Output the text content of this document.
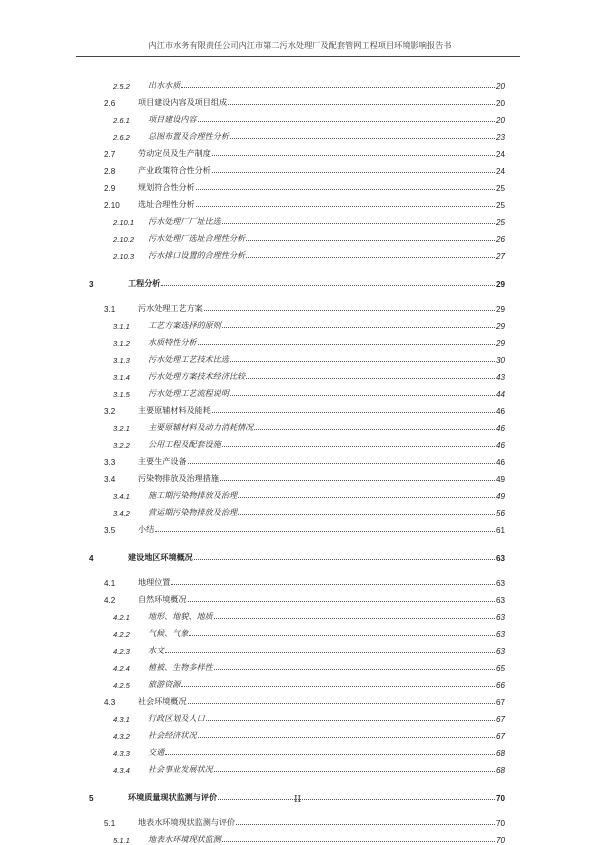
内江市水务有限责任公司内江市第二污水处理厂及配套管网工程项目环境影响报告书
2.5.2	出水水质	20
2.6	项目建设内容及项目组成	20
2.6.1	项目建设内容	20
2.6.2	总图布置及合理性分析	23
2.7	劳动定员及生产制度	24
2.8	产业政策符合性分析	24
2.9	规划符合性分析	25
2.10	选址合理性分析	25
2.10.1	污水处理厂厂址比选	25
2.10.2	污水处理厂选址合理性分析	26
2.10.3	污水排口设置的合理性分析	27
3	工程分析	29
3.1	污水处理工艺方案	29
3.1.1	工艺方案选择的原则	29
3.1.2	水质特性分析	29
3.1.3	污水处理工艺技术比选	30
3.1.4	污水处理方案技术经济比较	43
3.1.5	污水处理工艺流程说明	44
3.2	主要原辅材料及能耗	46
3.2.1	主要原辅材料及动力消耗情况	46
3.2.2	公用工程及配套设施	46
3.3	主要生产设备	46
3.4	污染物排放及治理措施	49
3.4.1	施工期污染物排放及治理	49
3.4.2	营运期污染物排放及治理	56
3.5	小结	61
4	建设地区环境概况	63
4.1	地理位置	63
4.2	自然环境概况	63
4.2.1	地形、地貌、地质	63
4.2.2	气候、气象	63
4.2.3	水文	63
4.2.4	植被、生物多样性	65
4.2.5	旅游资源	66
4.3	社会环境概况	67
4.3.1	行政区划及人口	67
4.3.2	社会经济状况	67
4.3.3	交通	68
4.3.4	社会事业发展状况	68
5	环境质量现状监测与评价	70
5.1	地表水环境现状监测与评价	70
5.1.1	地表水环境现状监测	70
II
